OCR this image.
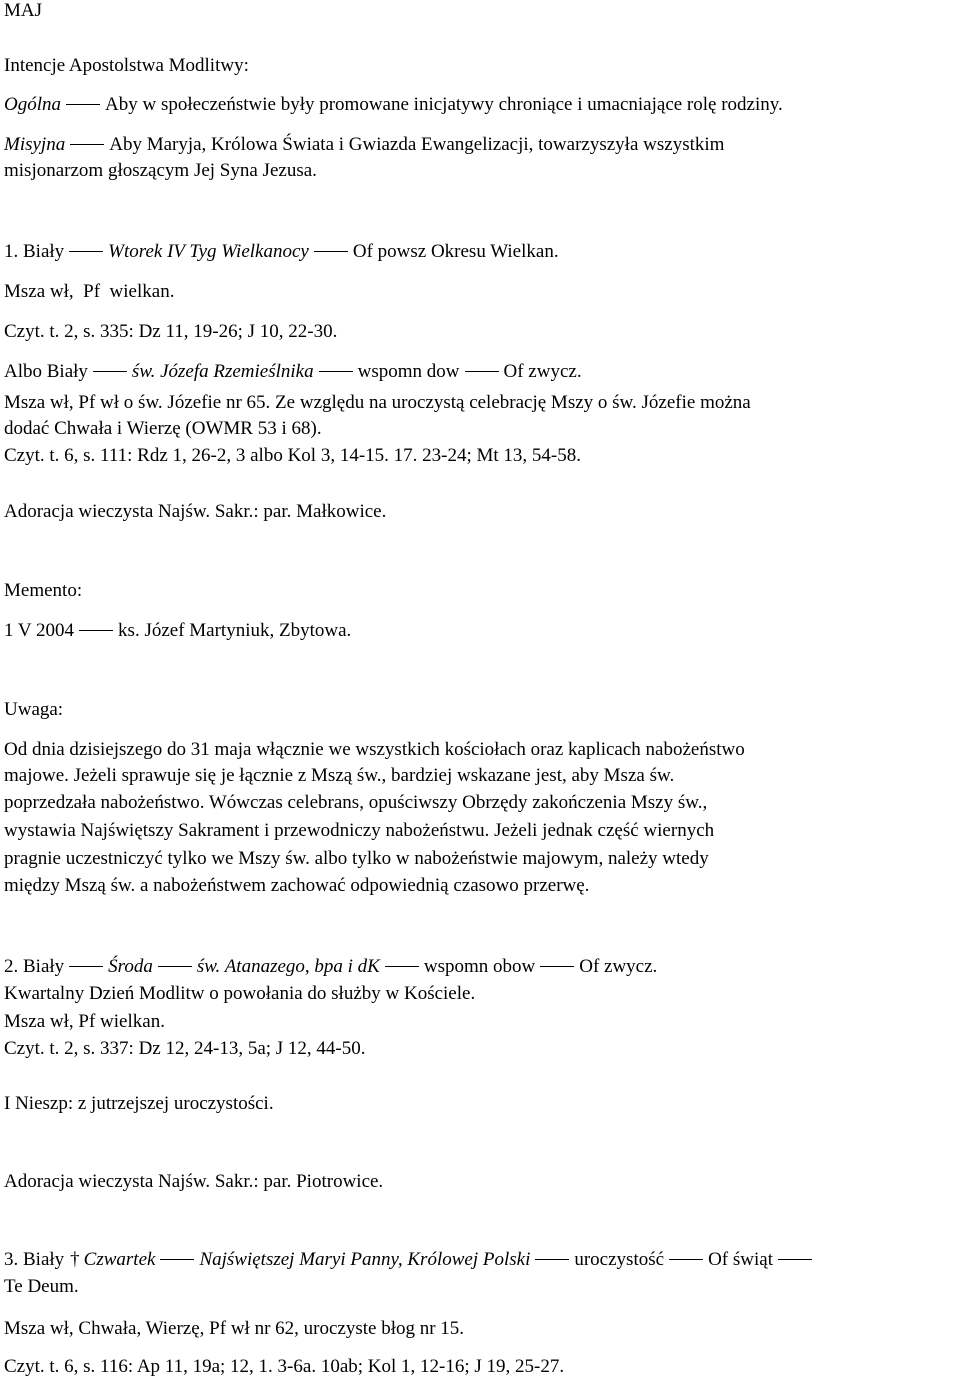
MAJ
Intencje Apostolstwa Modlitwy:
Ogólna Aby w społeczeństwie były promowane inicjatywy chroniące i umacniające rolę rodziny.
Misyjna Aby Maryja, Królowa Świata i Gwiazda Ewangelizacji, towarzyszyła wszystkim
misjonarzom głoszącym Jej Syna Jezusa.
1. Biały Wtorek IV Tyg Wielkanocy Of powsz Okresu Wielkan.
Msza wł,  Pf  wielkan.
Czyt. t. 2, s. 335: Dz 11, 19-26; J 10, 22-30.
Albo Biały św. Józefa Rzemieślnika wspomn dow Of zwycz.
Msza wł, Pf wł o św. Józefie nr 65. Ze względu na uroczystą celebrację Mszy o św. Józefie można
dodać Chwała i Wierzę (OWMR 53 i 68).
Czyt. t. 6, s. 111: Rdz 1, 26-2, 3 albo Kol 3, 14-15. 17. 23-24; Mt 13, 54-58.
Adoracja wieczysta Najśw. Sakr.: par. Małkowice.
Memento:
1 V 2004 ks. Józef Martyniuk, Zbytowa.
Uwaga:
Od dnia dzisiejszego do 31 maja włącznie we wszystkich kościołach oraz kaplicach nabożeństwo
majowe. Jeżeli sprawuje się je łącznie z Mszą św., bardziej wskazane jest, aby Msza św.
poprzedzała nabożeństwo. Wówczas celebrans, opuściwszy Obrzędy zakończenia Mszy św.,
wystawia Najświętszy Sakrament i przewodniczy nabożeństwu. Jeżeli jednak część wiernych
pragnie uczestniczyć tylko we Mszy św. albo tylko w nabożeństwie majowym, należy wtedy
między Mszą św. a nabożeństwem zachować odpowiednią czasowo przerwę.
2. Biały Środa św. Atanazego, bpa i dK wspomn obow Of zwycz.
Kwartalny Dzień Modlitw o powołania do służby w Kościele.
Msza wł, Pf wielkan.
Czyt. t. 2, s. 337: Dz 12, 24-13, 5a; J 12, 44-50.
I Nieszp: z jutrzejszej uroczystości.
Adoracja wieczysta Najśw. Sakr.: par. Piotrowice.
3. Biały † Czwartek Najświętszej Maryi Panny, Królowej Polski uroczystość Of świąt
Te Deum.
Msza wł, Chwała, Wierzę, Pf wł nr 62, uroczyste błog nr 15.
Czyt. t. 6, s. 116: Ap 11, 19a; 12, 1. 3-6a. 10ab; Kol 1, 12-16; J 19, 25-27.
